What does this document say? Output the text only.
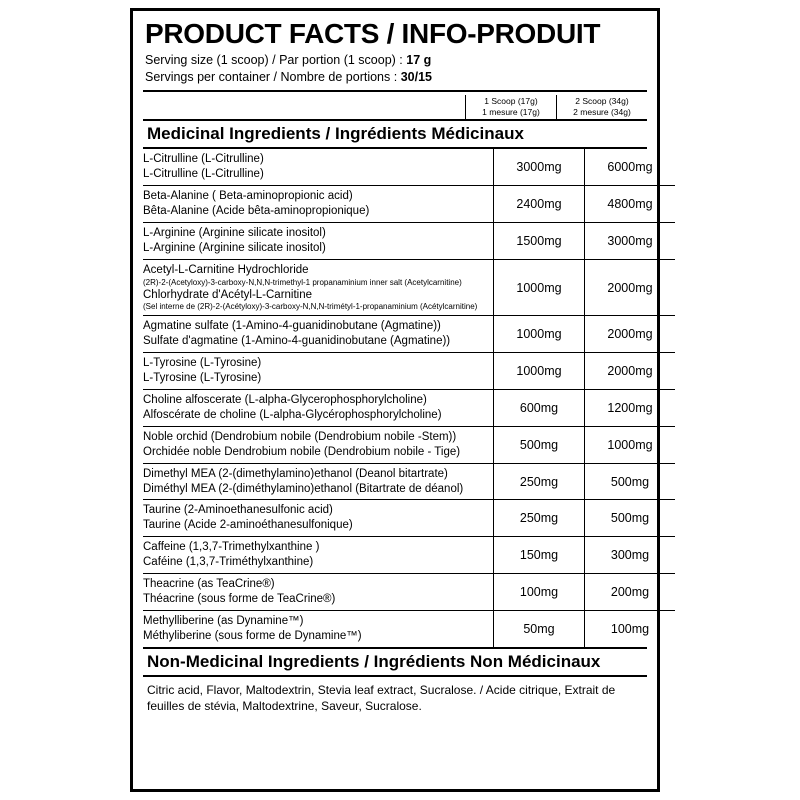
PRODUCT FACTS / INFO-PRODUIT
Serving size (1 scoop) / Par portion (1 scoop) : 17 g
Servings per container / Nombre de portions : 30/15
1 Scoop (17g)
1 mesure (17g)
2 Scoop (34g)
2 mesure (34g)
Medicinal Ingredients / Ingrédients Médicinaux
L-Citrulline (L-Citrulline)
L-Citrulline (L-Citrulline)	3000mg	6000mg

Beta-Alanine ( Beta-aminopropionic acid)
Bêta-Alanine (Acide bêta-aminopropionique)	2400mg	4800mg

L-Arginine (Arginine silicate inositol)
L-Arginine (Arginine silicate inositol)	1500mg	3000mg

Acetyl-L-Carnitine Hydrochloride
(2R)-2-(Acetyloxy)-3-carboxy-N,N,N-trimethyl-1 propanaminium inner salt (Acetylcarnitine)
Chlorhydrate d'Acétyl-L-Carnitine
(Sel interne de (2R)-2-(Acétyloxy)-3-carboxy-N,N,N-trimétyl-1-propanaminium (Acétylcarnitine)	1000mg	2000mg

Agmatine sulfate (1-Amino-4-guanidinobutane (Agmatine))
Sulfate d'agmatine (1-Amino-4-guanidinobutane (Agmatine))	1000mg	2000mg

L-Tyrosine (L-Tyrosine)
L-Tyrosine (L-Tyrosine)	1000mg	2000mg

Choline alfoscerate (L-alpha-Glycerophosphorylcholine)
Alfoscérate de choline (L-alpha-Glycérophosphorylcholine)	600mg	1200mg

Noble orchid (Dendrobium nobile (Dendrobium nobile -Stem))
Orchidée noble Dendrobium nobile (Dendrobium nobile - Tige)	500mg	1000mg

Dimethyl MEA (2-(dimethylamino)ethanol (Deanol bitartrate)
Diméthyl MEA (2-(diméthylamino)ethanol (Bitartrate de déanol)	250mg	500mg

Taurine (2-Aminoethanesulfonic acid)
Taurine (Acide 2-aminoéthanesulfonique)	250mg	500mg

Caffeine (1,3,7-Trimethylxanthine )
Caféine (1,3,7-Triméthylxanthine)	150mg	300mg

Theacrine (as TeaCrine®)
Théacrine (sous forme de TeaCrine®)	100mg	200mg

Methylliberine (as Dynamine™)
Méthyliberine (sous forme de Dynamine™)	50mg	100mg
Non-Medicinal Ingredients / Ingrédients Non Médicinaux
Citric acid, Flavor, Maltodextrin, Stevia leaf extract, Sucralose. / Acide citrique, Extrait de feuilles de stévia, Maltodextrine, Saveur, Sucralose.
